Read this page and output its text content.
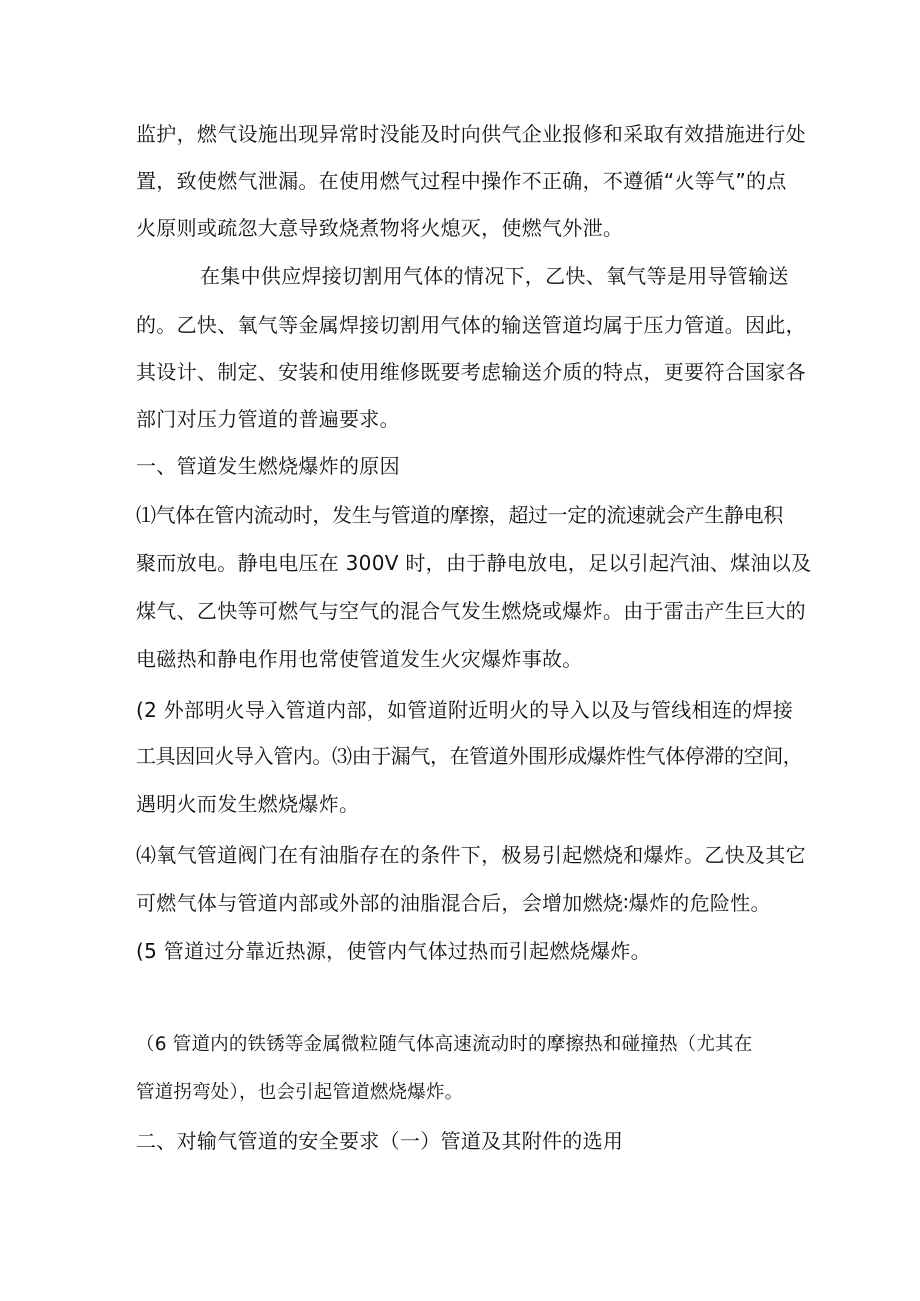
监护，燃气设施出现异常时没能及时向供气企业报修和采取有效措施进行处
置，致使燃气泄漏。在使用燃气过程中操作不正确，不遵循“火等气”的点
火原则或疏忽大意导致烧煮物将火熄灭，使燃气外泄。
在集中供应焊接切割用气体的情况下，乙快、氧气等是用导管输送
的。乙快、氧气等金属焊接切割用气体的输送管道均属于压力管道。因此，
其设计、制定、安装和使用维修既要考虑输送介质的特点，更要符合国家各
部门对压力管道的普遍要求。
一、管道发生燃烧爆炸的原因
⑴气体在管内流动时，发生与管道的摩擦，超过一定的流速就会产生静电积
聚而放电。静电电压在 300V 时，由于静电放电，足以引起汽油、煤油以及
煤气、乙快等可燃气与空气的混合气发生燃烧或爆炸。由于雷击产生巨大的
电磁热和静电作用也常使管道发生火灾爆炸事故。
(2 外部明火导入管道内部，如管道附近明火的导入以及与管线相连的焊接
工具因回火导入管内。⑶由于漏气，在管道外围形成爆炸性气体停滞的空间，
遇明火而发生燃烧爆炸。
⑷氧气管道阀门在有油脂存在的条件下，极易引起燃烧和爆炸。乙快及其它
可燃气体与管道内部或外部的油脂混合后，会增加燃烧∶爆炸的危险性。
(5 管道过分靠近热源，使管内气体过热而引起燃烧爆炸。
（6 管道内的铁锈等金属微粒随气体高速流动时的摩擦热和碰撞热（尤其在
管道拐弯处），也会引起管道燃烧爆炸。
二、对输气管道的安全要求（一）管道及其附件的选用
